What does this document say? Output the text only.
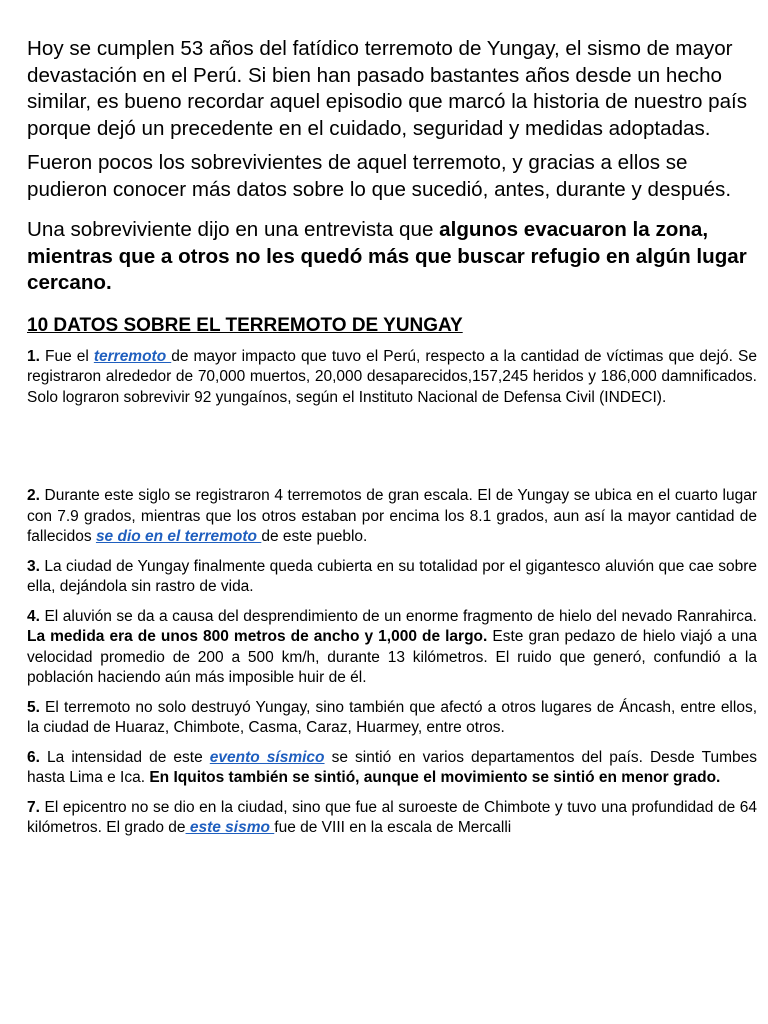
Hoy se cumplen 53 años del fatídico terremoto de Yungay, el sismo de mayor devastación en el Perú. Si bien han pasado bastantes años desde un hecho similar, es bueno recordar aquel episodio que marcó la historia de nuestro país porque dejó un precedente en el cuidado, seguridad y medidas adoptadas.

Fueron pocos los sobrevivientes de aquel terremoto, y gracias a ellos se pudieron conocer más datos sobre lo que sucedió, antes, durante y después.

Una sobreviviente dijo en una entrevista que algunos evacuaron la zona, mientras que a otros no les quedó más que buscar refugio en algún lugar cercano.

10 DATOS SOBRE EL TERREMOTO DE YUNGAY

1. Fue el terremoto de mayor impacto que tuvo el Perú, respecto a la cantidad de víctimas que dejó. Se registraron alrededor de 70,000 muertos, 20,000 desaparecidos,157,245 heridos y 186,000 damnificados. Solo lograron sobrevivir 92 yungaínos, según el Instituto Nacional de Defensa Civil (INDECI).

2. Durante este siglo se registraron 4 terremotos de gran escala. El de Yungay se ubica en el cuarto lugar con 7.9 grados, mientras que los otros estaban por encima los 8.1 grados, aun así la mayor cantidad de fallecidos se dio en el terremoto de este pueblo.

3. La ciudad de Yungay finalmente queda cubierta en su totalidad por el gigantesco aluvión que cae sobre ella, dejándola sin rastro de vida.

4. El aluvión se da a causa del desprendimiento de un enorme fragmento de hielo del nevado Ranrahirca. La medida era de unos 800 metros de ancho y 1,000 de largo. Este gran pedazo de hielo viajó a una velocidad promedio de 200 a 500 km/h, durante 13 kilómetros. El ruido que generó, confundió a la población haciendo aún más imposible huir de él.

5. El terremoto no solo destruyó Yungay, sino también que afectó a otros lugares de Áncash, entre ellos, la ciudad de Huaraz, Chimbote, Casma, Caraz, Huarmey, entre otros.

6. La intensidad de este evento sísmico se sintió en varios departamentos del país. Desde Tumbes hasta Lima e Ica. En Iquitos también se sintió, aunque el movimiento se sintió en menor grado.

7. El epicentro no se dio en la ciudad, sino que fue al suroeste de Chimbote y tuvo una profundidad de 64 kilómetros. El grado de este sismo fue de VIII en la escala de Mercalli
